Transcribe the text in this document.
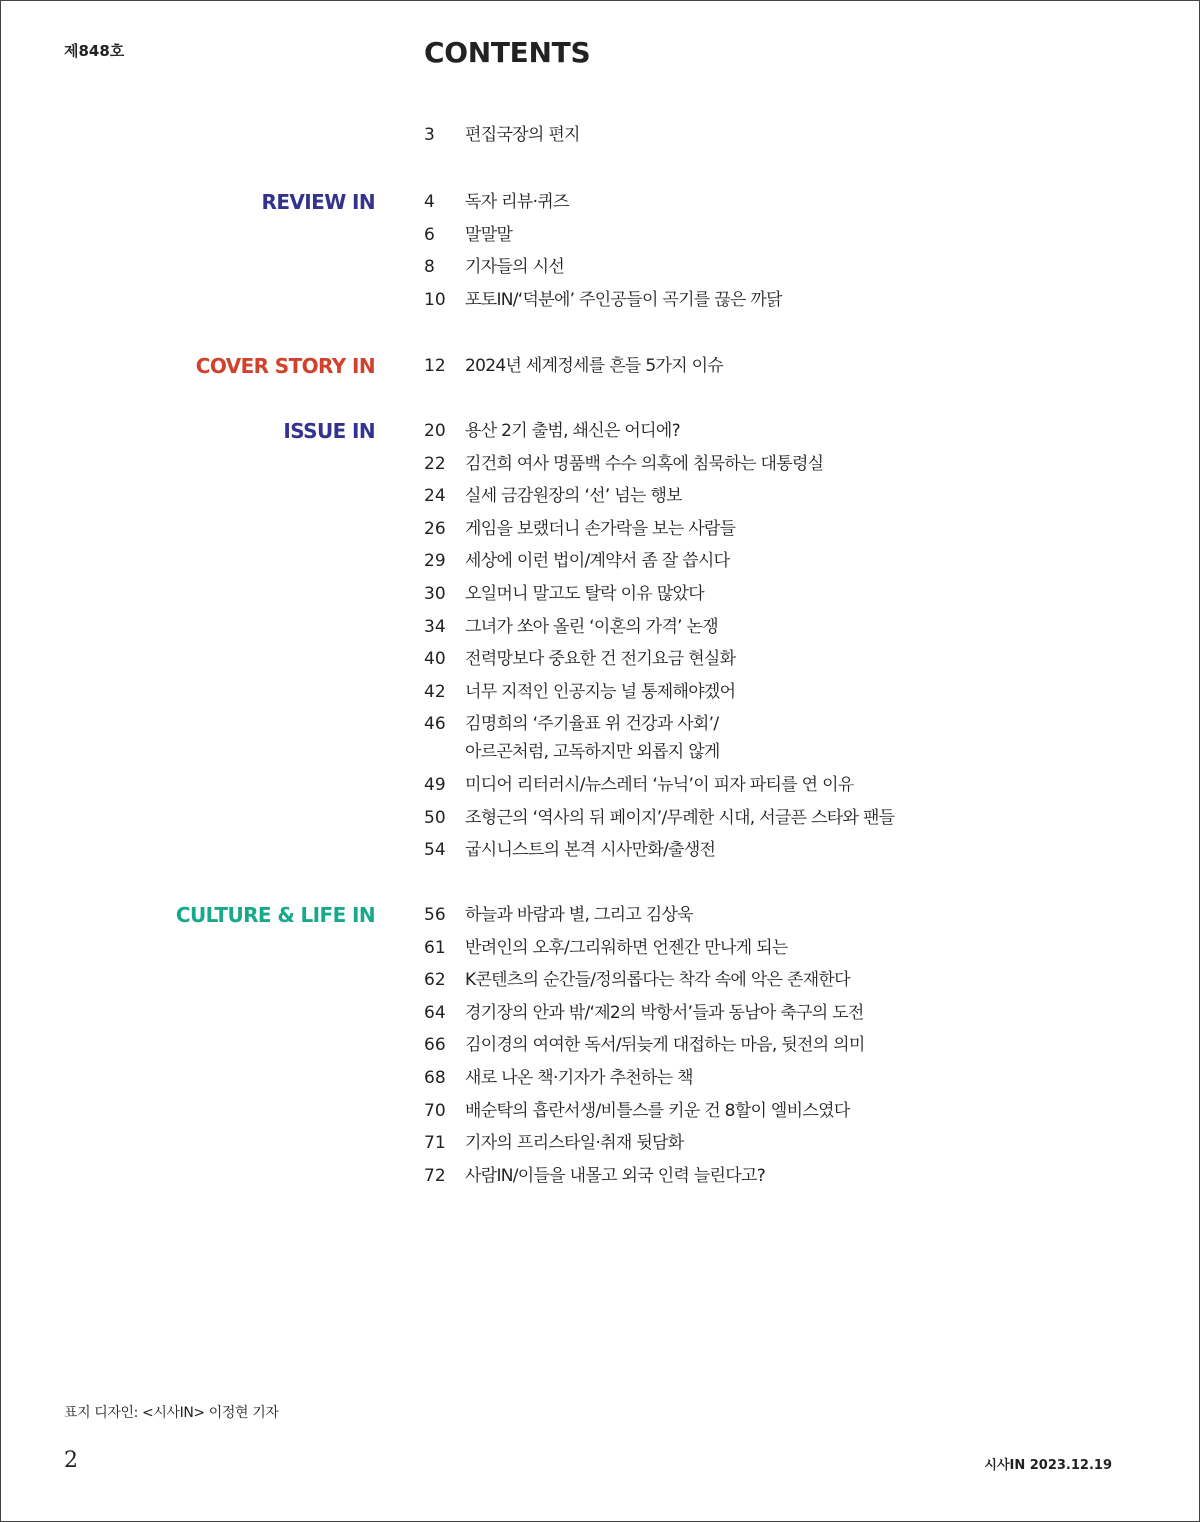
제848호	CONTENTS
3 편집국장의 편지
REVIEW IN	4 독자 리뷰·퀴즈
6 말말말
8 기자들의 시선
10 포토IN/‘덕분에’ 주인공들이 곡기를 끊은 까닭
COVER STORY IN	12 2024년 세계정세를 흔들 5가지 이슈
ISSUE IN	20 용산 2기 출범, 쇄신은 어디에?
22 김건희 여사 명품백 수수 의혹에 침묵하는 대통령실
24 실세 금감원장의 ‘선’ 넘는 행보
26 게임을 보랬더니 손가락을 보는 사람들
29 세상에 이런 법이/계약서 좀 잘 씁시다
30 오일머니 말고도 탈락 이유 많았다
34 그녀가 쏘아 올린 ‘이혼의 가격’ 논쟁
40 전력망보다 중요한 건 전기요금 현실화
42 너무 지적인 인공지능 널 통제해야겠어
46 김명희의 ‘주기율표 위 건강과 사회’/
아르곤처럼, 고독하지만 외롭지 않게
49 미디어 리터러시/뉴스레터 ‘뉴닉’이 피자 파티를 연 이유
50 조형근의 ‘역사의 뒤 페이지’/무례한 시대, 서글픈 스타와 팬들
54 굽시니스트의 본격 시사만화/출생전
CULTURE & LIFE IN	56 하늘과 바람과 별, 그리고 김상욱
61 반려인의 오후/그리워하면 언젠간 만나게 되는
62 K콘텐츠의 순간들/정의롭다는 착각 속에 악은 존재한다
64 경기장의 안과 밖/‘제2의 박항서’들과 동남아 축구의 도전
66 김이경의 여여한 독서/뒤늦게 대접하는 마음, 뒷전의 의미
68 새로 나온 책·기자가 추천하는 책
70 배순탁의 흡란서생/비틀스를 키운 건 8할이 엘비스였다
71 기자의 프리스타일·취재 뒷담화
72 사람IN/이들을 내몰고 외국 인력 늘린다고?
표지 디자인: <시사IN> 이정현 기자
2	시사IN 2023.12.19
